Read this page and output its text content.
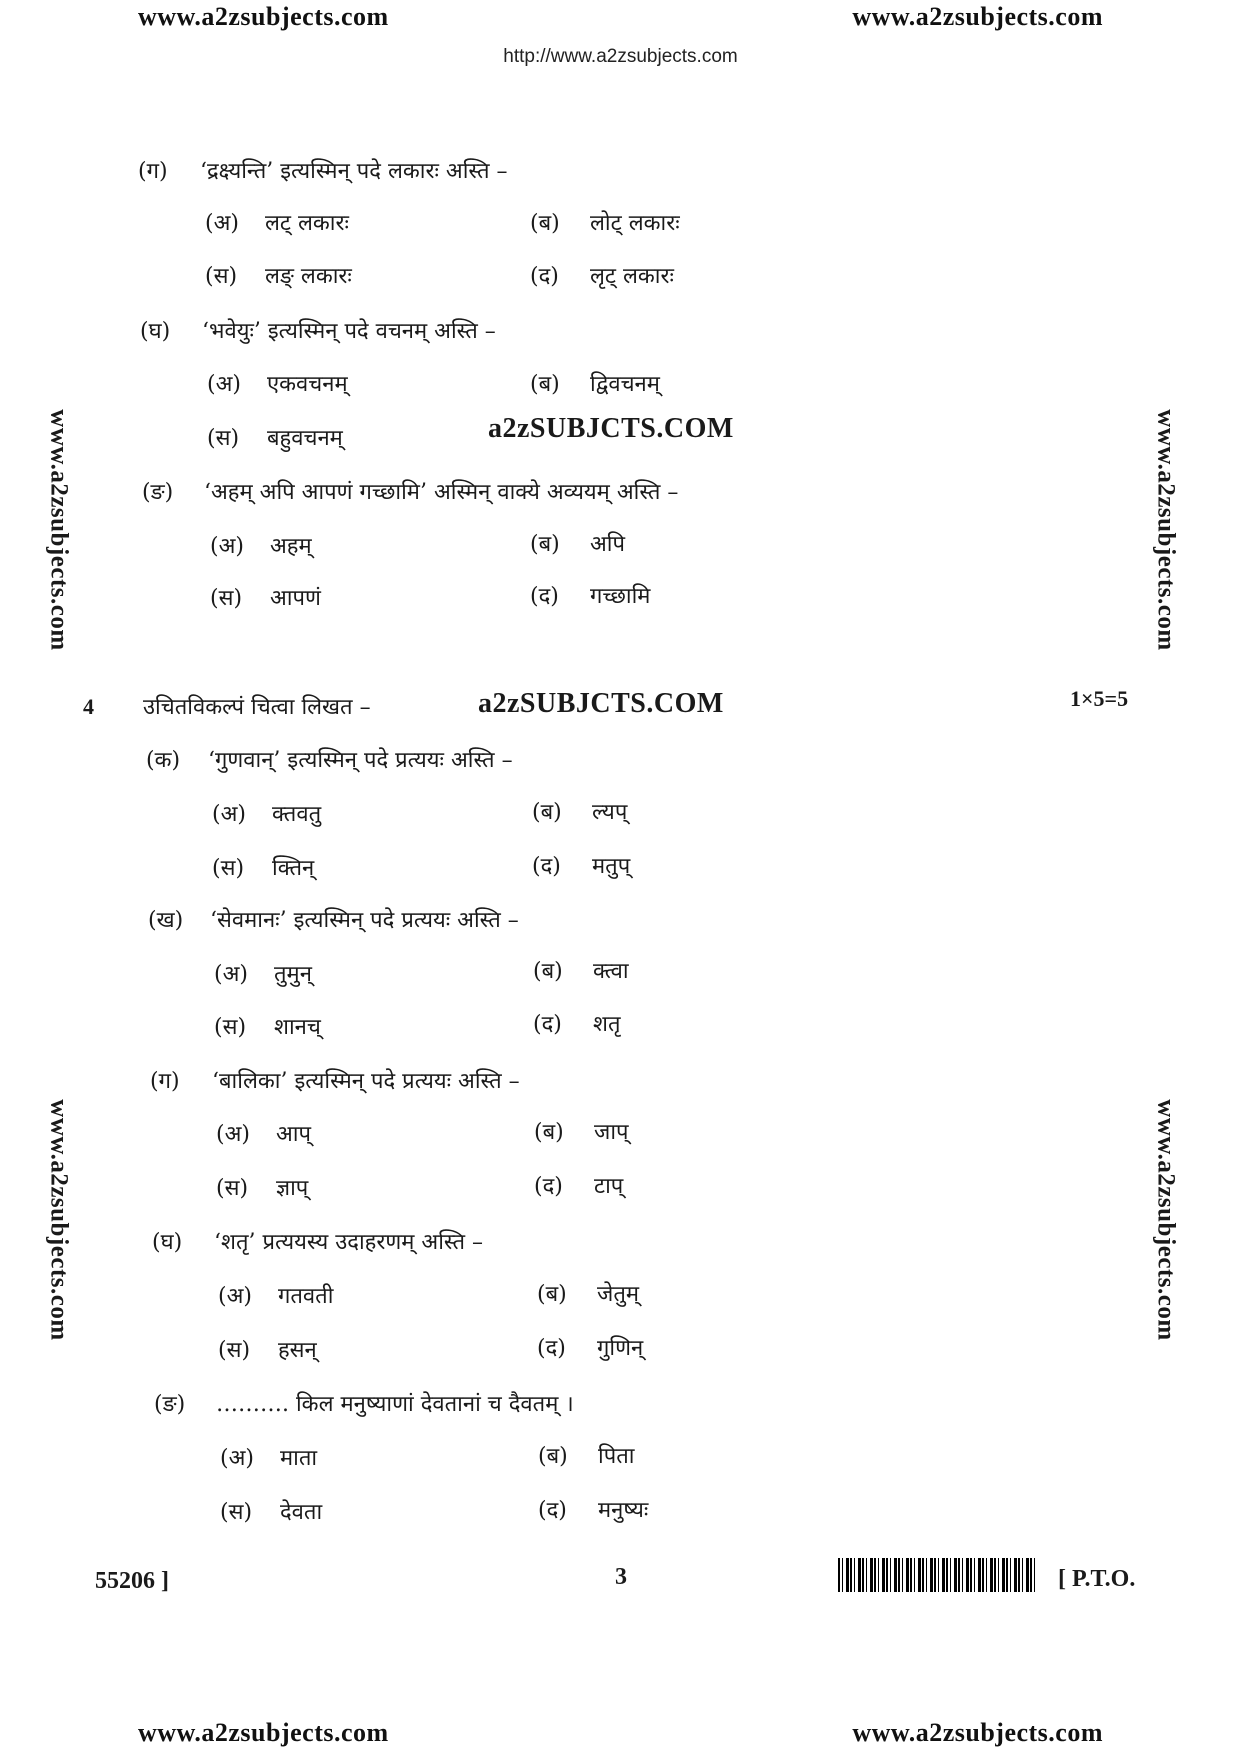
www.a2zsubjects.com	www.a2zsubjects.com
http://www.a2zsubjects.com
www.a2zsubjects.com	www.a2zsubjects.com
www.a2zsubjects.com
www.a2zsubjects.com
www.a2zsubjects.com
www.a2zsubjects.com
(ग) ‘द्रक्ष्यन्ति’ इत्यस्मिन् पदे लकारः अस्ति –
(अ) लट् लकारः	(ब) लोट् लकारः
(स) लङ् लकारः	(द) लृट् लकारः
(घ) ‘भवेयुः’ इत्यस्मिन् पदे वचनम् अस्ति –
(अ) एकवचनम्	(ब) द्विवचनम्
(स) बहुवचनम्	a2zSUBJCTS.COM
(ङ) ‘अहम् अपि आपणं गच्छामि’ अस्मिन् वाक्ये अव्ययम् अस्ति –
(अ) अहम्	(ब) अपि
(स) आपणं	(द) गच्छामि
4 उचितविकल्पं चित्वा लिखत –	a2zSUBJCTS.COM	1×5=5
(क) ‘गुणवान्’ इत्यस्मिन् पदे प्रत्ययः अस्ति –
(अ) क्तवतु	(ब) ल्यप्
(स) क्तिन्	(द) मतुप्
(ख) ‘सेवमानः’ इत्यस्मिन् पदे प्रत्ययः अस्ति –
(अ) तुमुन्	(ब) क्त्वा
(स) शानच्	(द) शतृ
(ग) ‘बालिका’ इत्यस्मिन् पदे प्रत्ययः अस्ति –
(अ) आप्	(ब) जाप्
(स) ज्ञाप्	(द) टाप्
(घ) ‘शतृ’ प्रत्ययस्य उदाहरणम् अस्ति –
(अ) गतवती	(ब) जेतुम्
(स) हसन्	(द) गुणिन्
(ङ) ………. किल मनुष्याणां देवतानां च दैवतम् ।
(अ) माता	(ब) पिता
(स) देवता	(द) मनुष्यः
55206 ]	3	[ P.T.O.
